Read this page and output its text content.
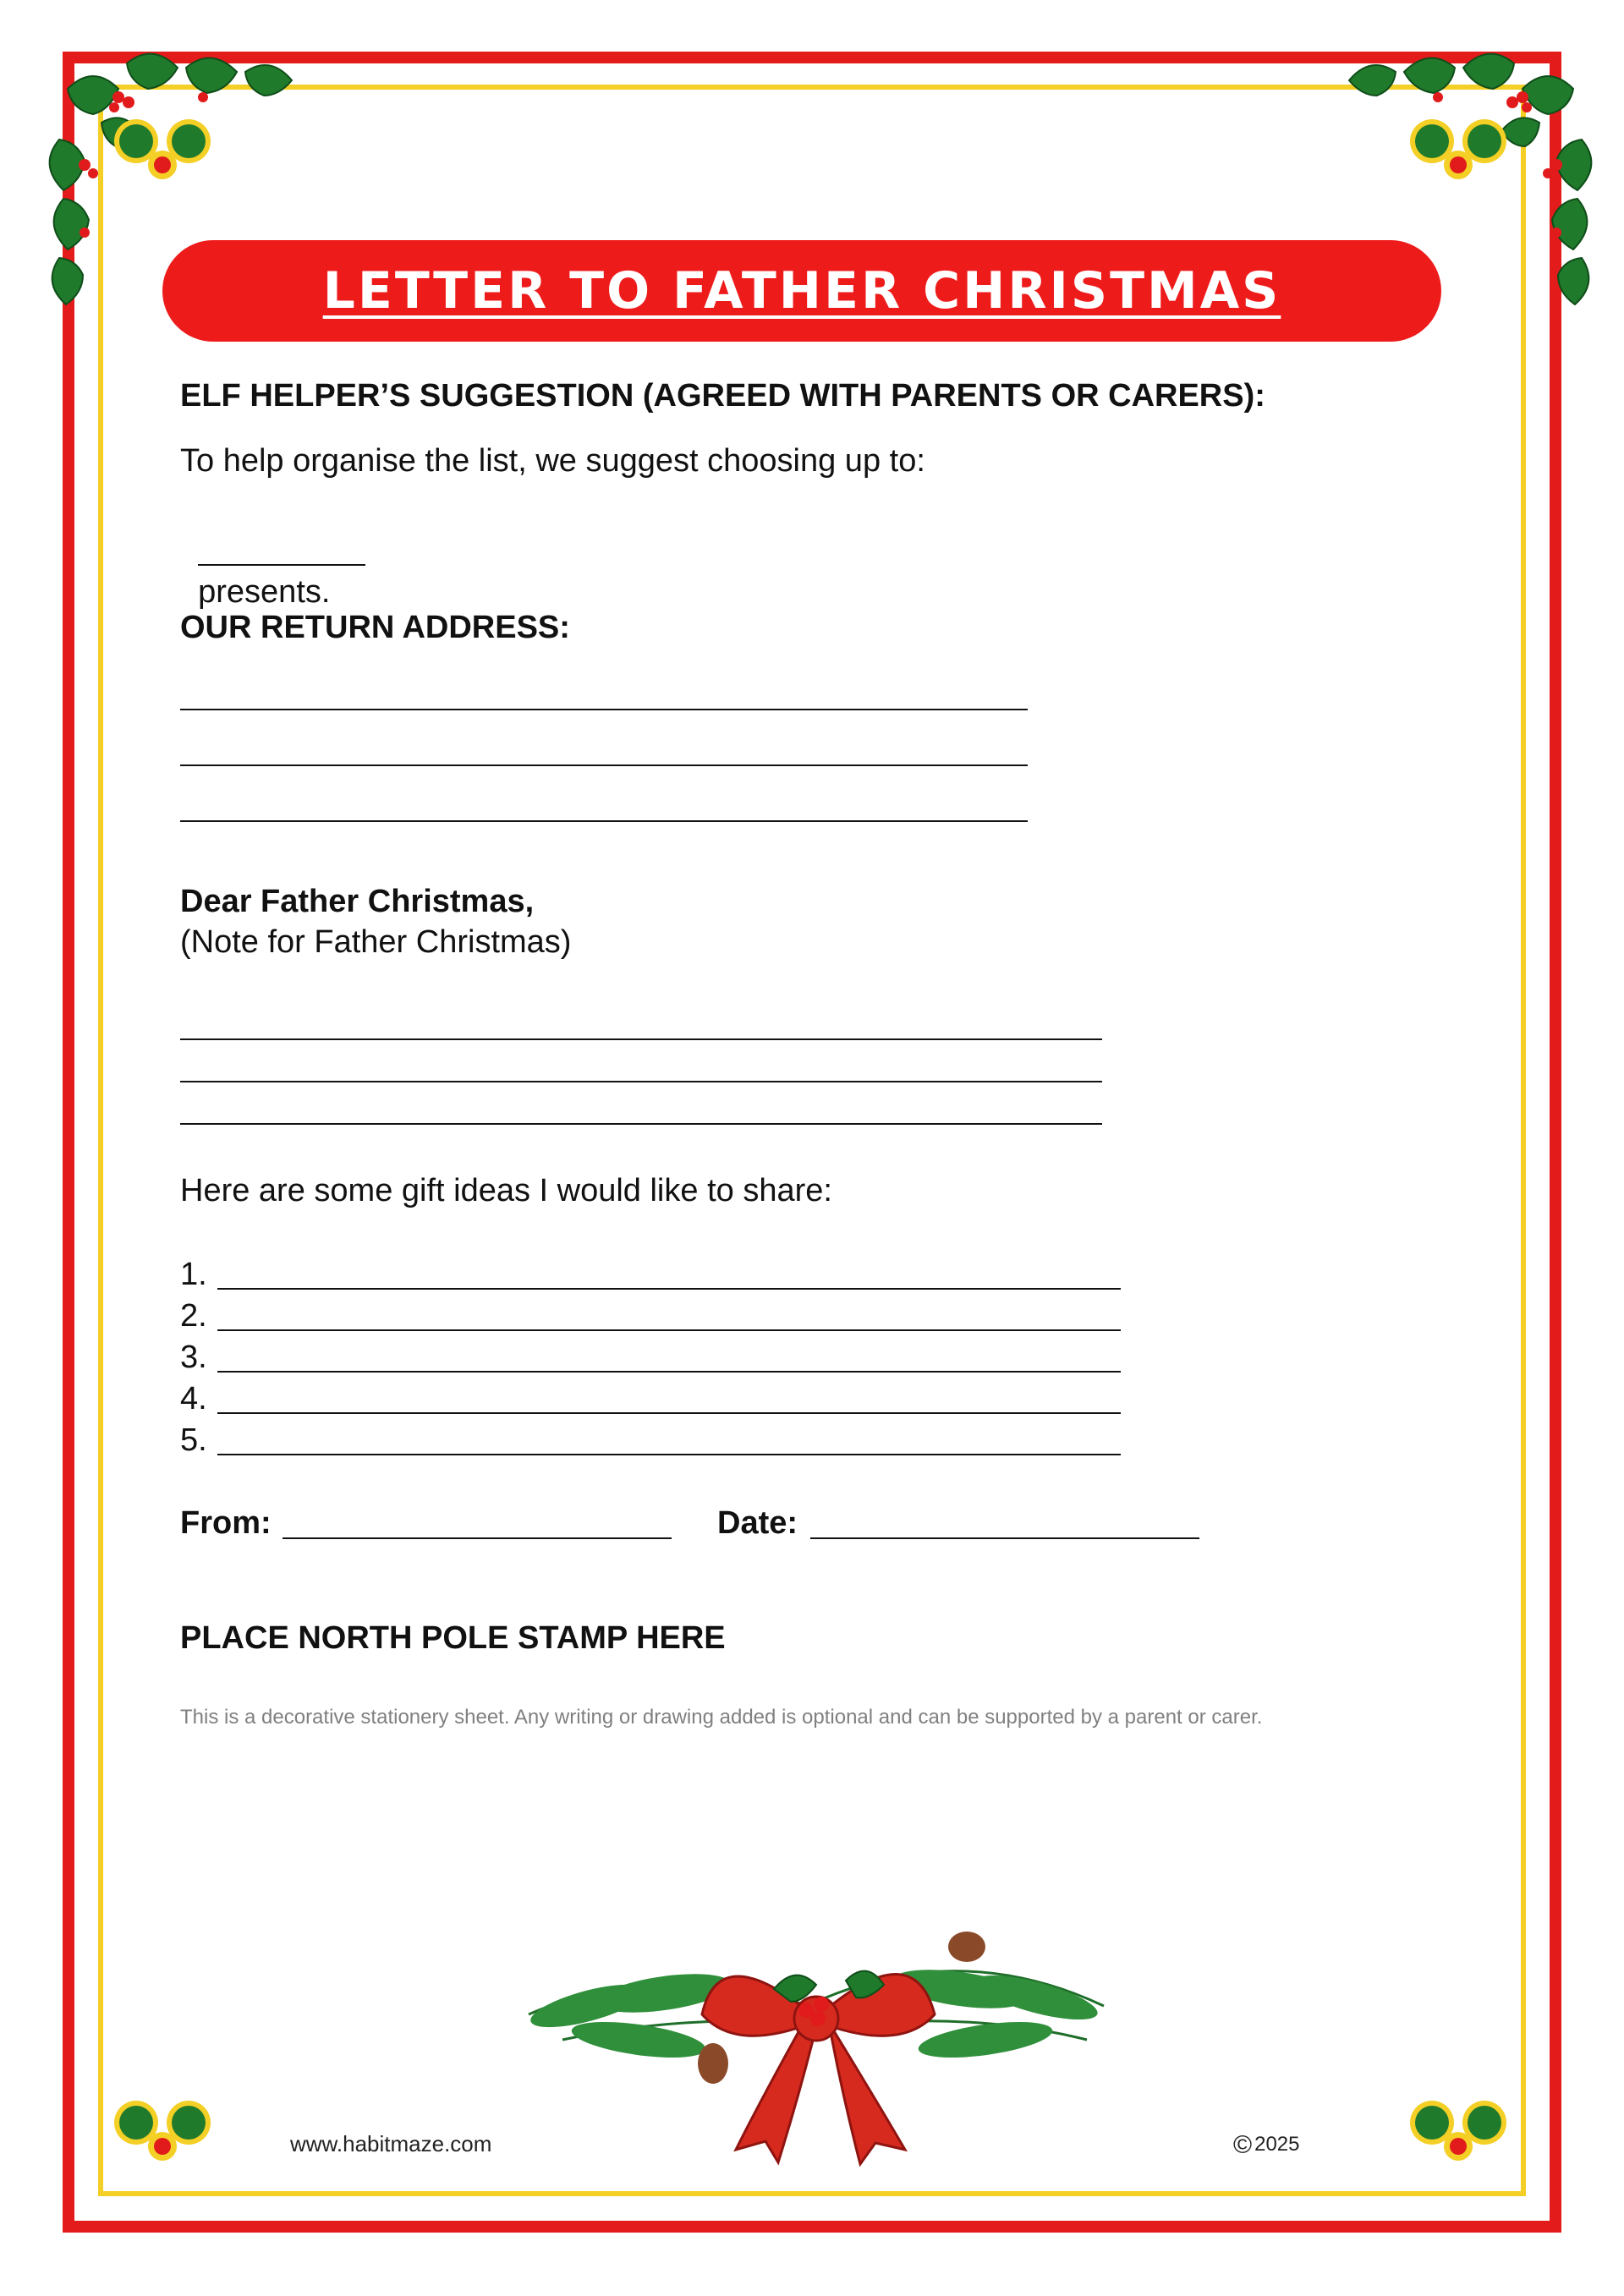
LETTER TO FATHER CHRISTMAS
ELF HELPER’S SUGGESTION (AGREED WITH PARENTS OR CARERS):
To help organise the list, we suggest choosing up to:

presents.

OUR RETURN ADDRESS:
Dear Father Christmas,
(Note for Father Christmas)
Here are some gift ideas I would like to share:
1.
2.
3.
4.
5.
From:	Date:
PLACE NORTH POLE STAMP HERE
This is a decorative stationery sheet. Any writing or drawing added is optional and can be supported by a parent or carer.
www.habitmaze.com	© 2025
